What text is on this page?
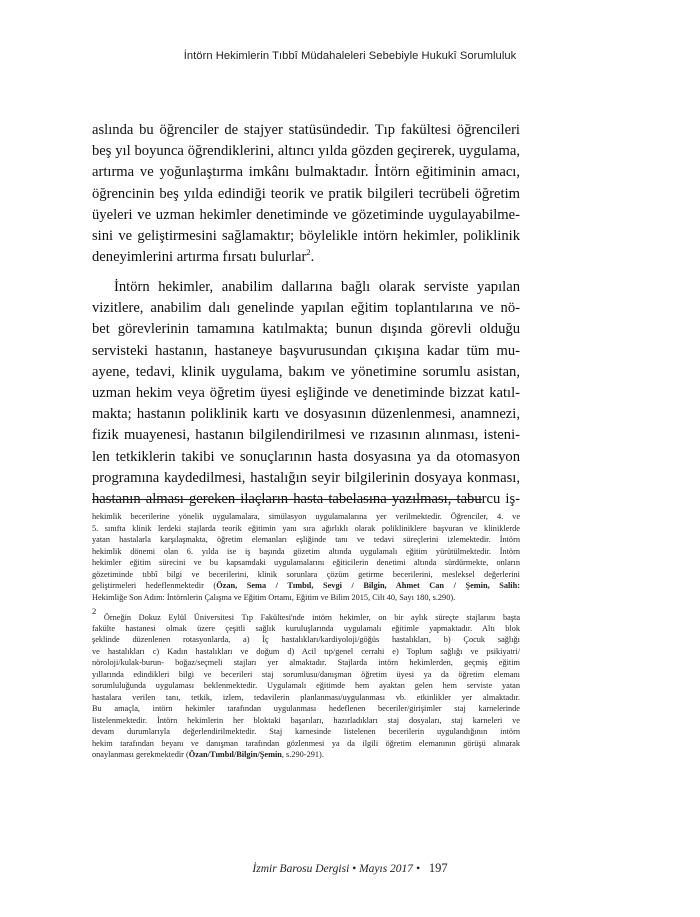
İntörn Hekimlerin Tıbbî Müdahaleleri Sebebiyle Hukukî Sorumluluk
aslında bu öğrenciler de stajyer statüsündedir. Tıp fakültesi öğrencileri
beş yıl boyunca öğrendiklerini, altıncı yılda gözden geçirerek, uygulama,
artırma ve yoğunlaştırma imkânı bulmaktadır. İntörn eğitiminin amacı,
öğrencinin beş yılda edindiği teorik ve pratik bilgileri tecrübeli öğretim
üyeleri ve uzman hekimler denetiminde ve gözetiminde uygulayabilme-
sini ve geliştirmesini sağlamaktır; böylelikle intörn hekimler, poliklinik
deneyimlerini artırma fırsatı bulurlar$^2$.
İntörn hekimler, anabilim dallarına bağlı olarak serviste yapılan
vizitlere, anabilim dalı genelinde yapılan eğitim toplantılarına ve nö-
bet görevlerinin tamamına katılmakta; bunun dışında görevli olduğu
servisteki hastanın, hastaneye başvurusundan çıkışına kadar tüm mu-
ayene, tedavi, klinik uygulama, bakım ve yönetimine sorumlu asistan,
uzman hekim veya öğretim üyesi eşliğinde ve denetiminde bizzat katıl-
makta; hastanın poliklinik kartı ve dosyasının düzenlenmesi, anamnezi,
fizik muayenesi, hastanın bilgilendirilmesi ve rızasının alınması, isteni-
len tetkiklerin takibi ve sonuçlarının hasta dosyasına ya da otomasyon
programına kaydedilmesi, hastalığın seyir bilgilerinin dosyaya konması,
hastanın alması gereken ilaçların hasta tabelasına yazılması, taburcu iş-
hekimlik becerilerine yönelik uygulamalara, simülasyon uygulamalarına yer verilmektedir. Öğrenciler, 4. ve
5. sınıfta klinik lerdeki stajlarda teorik eğitimin yanı sıra ağırlıklı olarak polikliniklere başvuran ve kliniklerde
yatan hastalarla karşılaşmakta, öğretim elemanları eşliğinde tanı ve tedavi süreçlerini izlemektedir. İntörn
hekimlik dönemi olan 6. yılda ise iş başında gözetim altında uygulamalı eğitim yürütülmektedir. İntörn
hekimler eğitim sürecini ve bu kapsamdaki uygulamalarını eğiticilerin denetimi altında sürdürmekte, onların
gözetiminde tıbbî bilgi ve becerilerini, klinik sorunlara çözüm getirme becerilerini, mesleksel değerlerini
geliştirmeleri hedeflenmektedir (Özan, Sema / Tımbıl, Sevgi / Bilgin, Ahmet Can / Şemin, Salih:
Hekimliğe Son Adım: İntörnlerin Çalışma ve Eğitim Ortamı, Eğitim ve Bilim 2015, Cilt 40, Sayı 180, s.290).
$^2$ Örneğin Dokuz Eylül Üniversitesi Tıp Fakültesi'nde intörn hekimler, on bir aylık süreçte stajlarını başta
fakülte hastanesi olmak üzere çeşitli sağlık kuruluşlarında uygulamalı eğitimle yapmaktadır. Altı blok
şeklinde düzenlenen rotasyonlarda, a) İç hastalıkları/kardiyoloji/göğüs hastalıkları, b) Çocuk sağlığı
ve hastalıkları c) Kadın hastalıkları ve doğum d) Acil tıp/genel cerrahi e) Toplum sağlığı ve psikiyatri/
nöroloji/kulak-burun- boğaz/seçmeli stajları yer almaktadır. Stajlarda intörn hekimlerden, geçmiş eğitim
yıllarında edindikleri bilgi ve becerileri staj sorumlusu/danışman öğretim üyesi ya da öğretim elemanı
sorumluluğunda uygulaması beklenmektedir. Uygulamalı eğitimde hem ayaktan gelen hem serviste yatan
hastalara verilen tanı, tetkik, izlem, tedavilerin planlanması/uygulanması vb. etkinlikler yer almaktadır.
Bu amaçla, intörn hekimler tarafından uygulanması hedeflenen beceriler/girişimler staj karnelerinde
listelenmektedir. İntörn hekimlerin her bloktaki başarıları, hazırladıkları staj dosyaları, staj karneleri ve
devam durumlarıyla değerlendirilmektedir. Staj karnesinde listelenen becerilerin uygulandığının intörn
hekim tarafından beyanı ve danışman tarafından gözlenmesi ya da ilgili öğretim elemanının görüşü alınarak
onaylanması gerekmektedir (Özan/Tımbıl/Bilgin/Şemin, s.290-291).
İzmir Barosu Dergisi • Mayıs 2017 • 197
